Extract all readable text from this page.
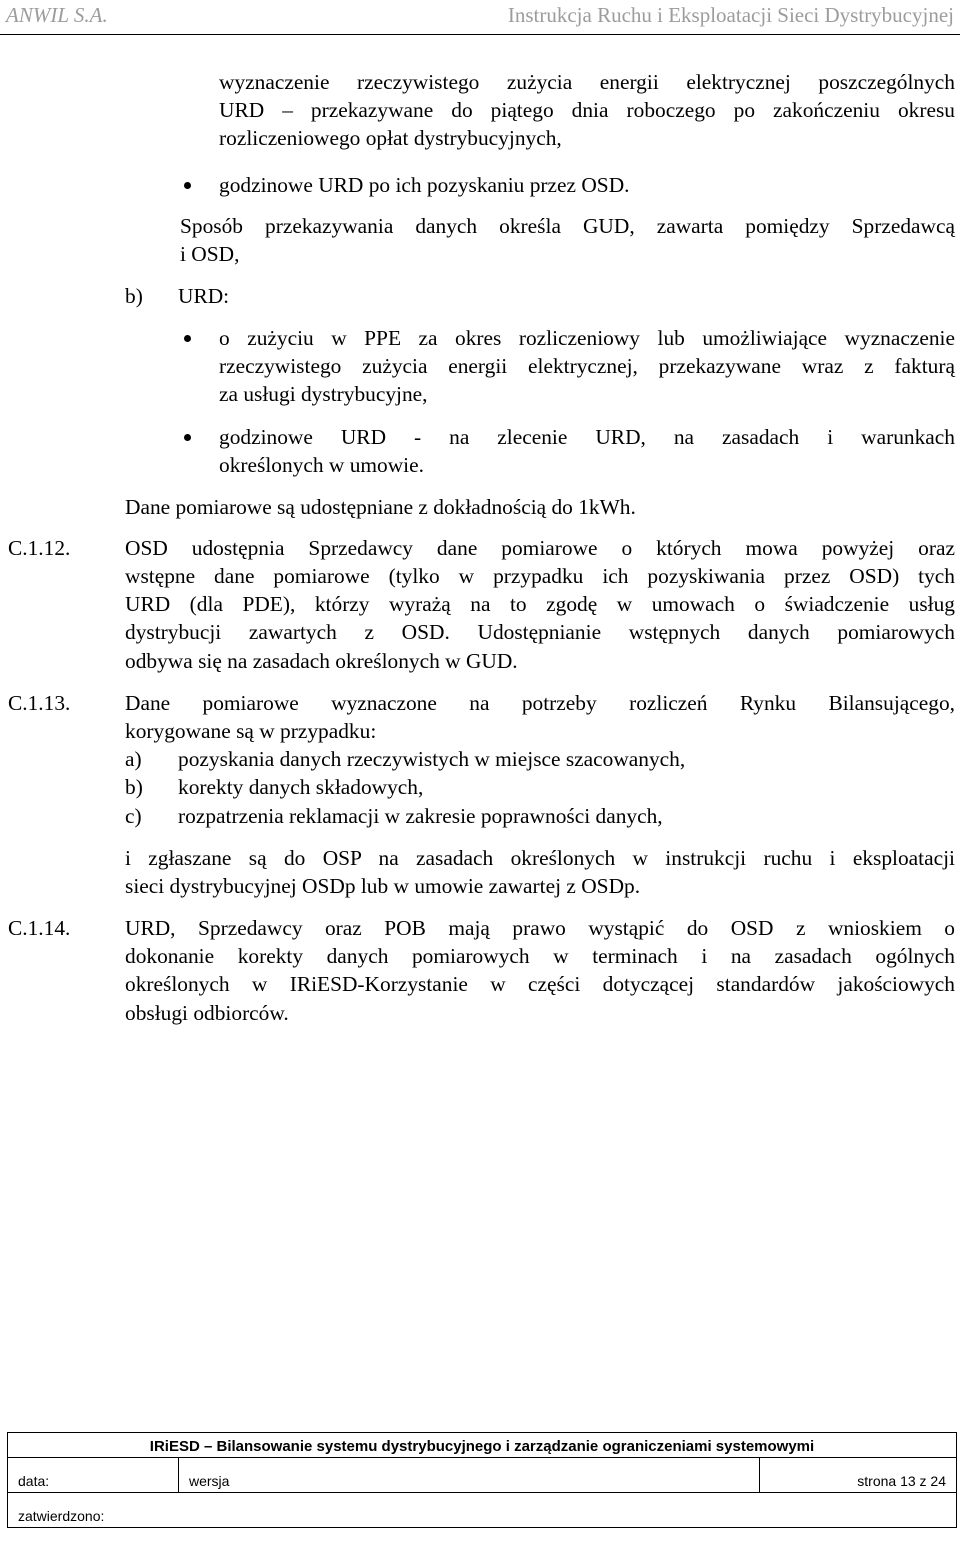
ANWIL S.A.	Instrukcja Ruchu i Eksploatacji Sieci Dystrybucyjnej
wyznaczenie rzeczywistego zużycia energii elektrycznej poszczególnych
URD – przekazywane do piątego dnia roboczego po zakończeniu okresu
rozliczeniowego opłat dystrybucyjnych,
godzinowe URD po ich pozyskaniu przez OSD.
Sposób przekazywania danych określa GUD, zawarta pomiędzy Sprzedawcą
i OSD,
b) URD:
o zużyciu w PPE za okres rozliczeniowy lub umożliwiające wyznaczenie
rzeczywistego zużycia energii elektrycznej, przekazywane wraz z fakturą
za usługi dystrybucyjne,
godzinowe URD - na zlecenie URD, na zasadach i warunkach
określonych w umowie.
Dane pomiarowe są udostępniane z dokładnością do 1kWh.
C.1.12.	OSD udostępnia Sprzedawcy dane pomiarowe o których mowa powyżej oraz
wstępne dane pomiarowe (tylko w przypadku ich pozyskiwania przez OSD) tych
URD (dla PDE), którzy wyrażą na to zgodę w umowach o świadczenie usług
dystrybucji zawartych z OSD. Udostępnianie wstępnych danych pomiarowych
odbywa się na zasadach określonych w GUD.
C.1.13.	Dane pomiarowe wyznaczone na potrzeby rozliczeń Rynku Bilansującego,
korygowane są w przypadku:
a) pozyskania danych rzeczywistych w miejsce szacowanych,
b) korekty danych składowych,
c) rozpatrzenia reklamacji w zakresie poprawności danych,
i zgłaszane są do OSP na zasadach określonych w instrukcji ruchu i eksploatacji
sieci dystrybucyjnej OSDp lub w umowie zawartej z OSDp.
C.1.14.	URD, Sprzedawcy oraz POB mają prawo wystąpić do OSD z wnioskiem o
dokonanie korekty danych pomiarowych w terminach i na zasadach ogólnych
określonych w IRiESD-Korzystanie w części dotyczącej standardów jakościowych
obsługi odbiorców.
IRiESD – Bilansowanie systemu dystrybucyjnego i zarządzanie ograniczeniami systemowymi
data:	wersja	strona 13 z 24
zatwierdzono:
